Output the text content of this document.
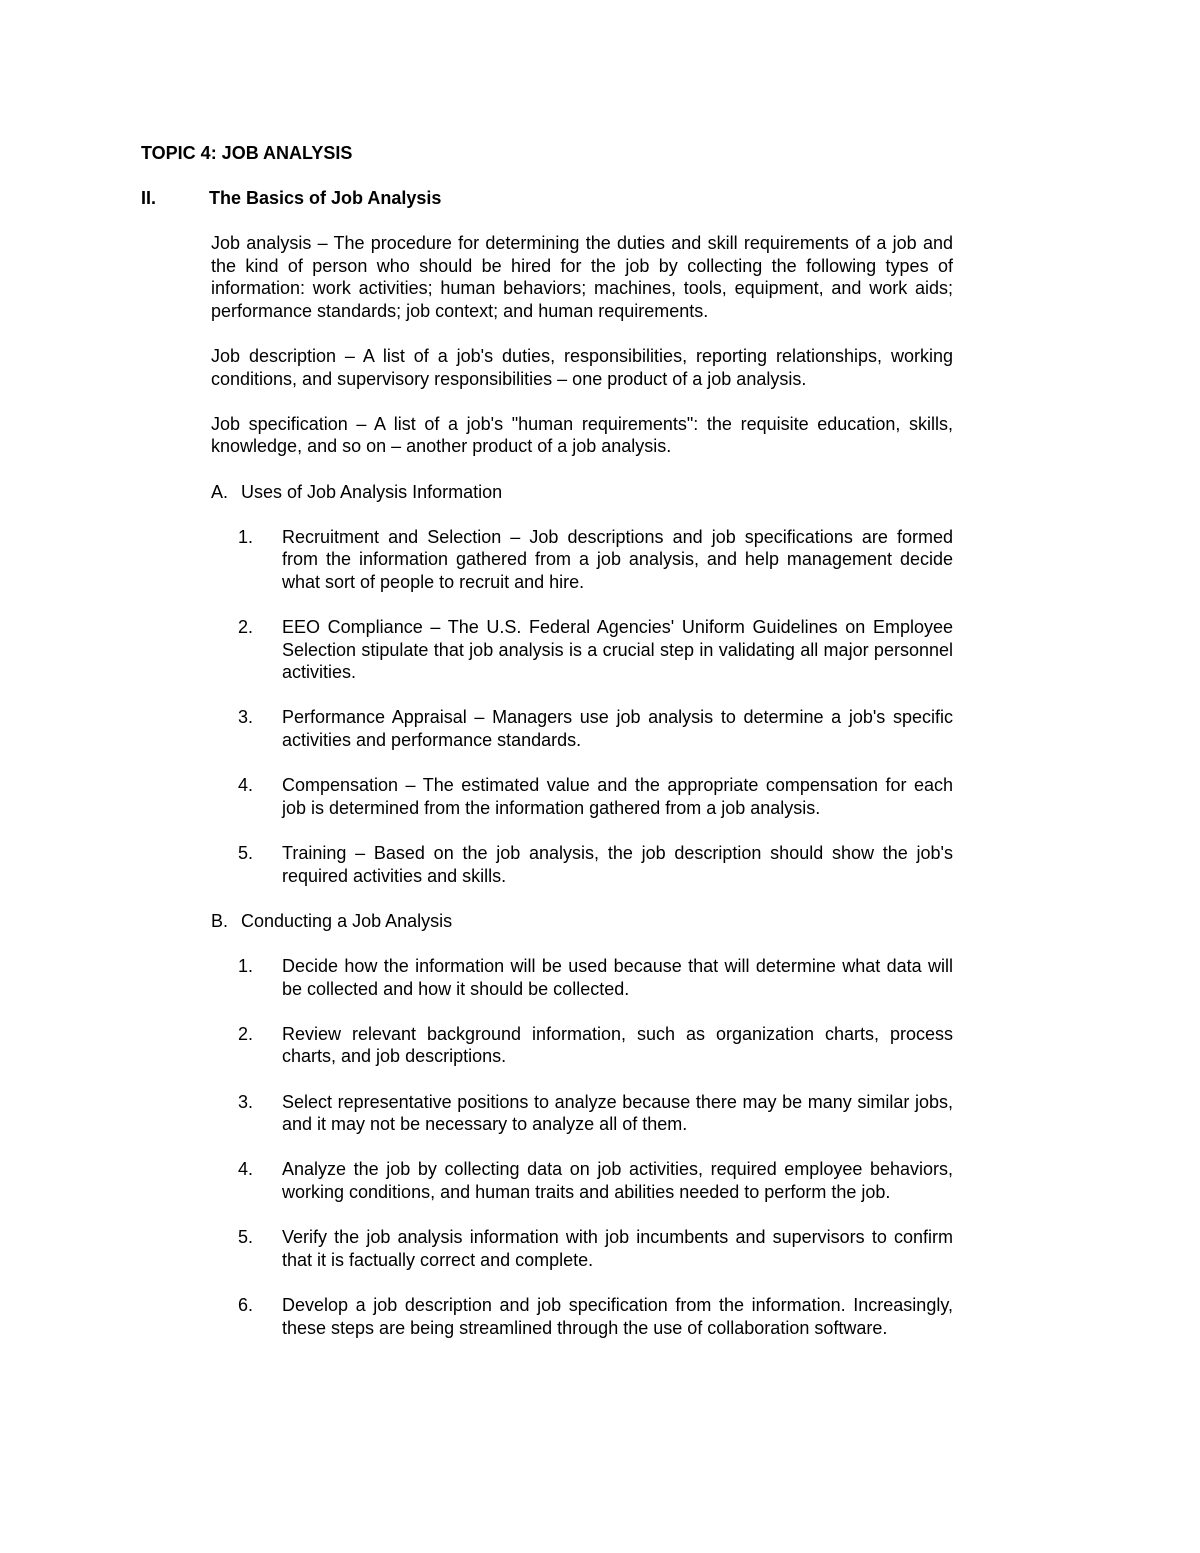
TOPIC 4: JOB ANALYSIS
II.	The Basics of Job Analysis

Job analysis – The procedure for determining the duties and skill requirements of a job and the kind of person who should be hired for the job by collecting the following types of information: work activities; human behaviors; machines, tools, equipment, and work aids; performance standards; job context; and human requirements.

Job description – A list of a job's duties, responsibilities, reporting relationships, working conditions, and supervisory responsibilities – one product of a job analysis.

Job specification – A list of a job's "human requirements": the requisite education, skills, knowledge, and so on – another product of a job analysis.

A. Uses of Job Analysis Information
1.	Recruitment and Selection – Job descriptions and job specifications are formed from the information gathered from a job analysis, and help management decide what sort of people to recruit and hire.
2.	EEO Compliance – The U.S. Federal Agencies' Uniform Guidelines on Employee Selection stipulate that job analysis is a crucial step in validating all major personnel activities.
3.	Performance Appraisal – Managers use job analysis to determine a job's specific activities and performance standards.
4.	Compensation – The estimated value and the appropriate compensation for each job is determined from the information gathered from a job analysis.
5.	Training – Based on the job analysis, the job description should show the job's required activities and skills.
B. Conducting a Job Analysis
1.	Decide how the information will be used because that will determine what data will be collected and how it should be collected.
2.	Review relevant background information, such as organization charts, process charts, and job descriptions.
3.	Select representative positions to analyze because there may be many similar jobs, and it may not be necessary to analyze all of them.
4.	Analyze the job by collecting data on job activities, required employee behaviors, working conditions, and human traits and abilities needed to perform the job.
5.	Verify the job analysis information with job incumbents and supervisors to confirm that it is factually correct and complete.
6.	Develop a job description and job specification from the information. Increasingly, these steps are being streamlined through the use of collaboration software.
